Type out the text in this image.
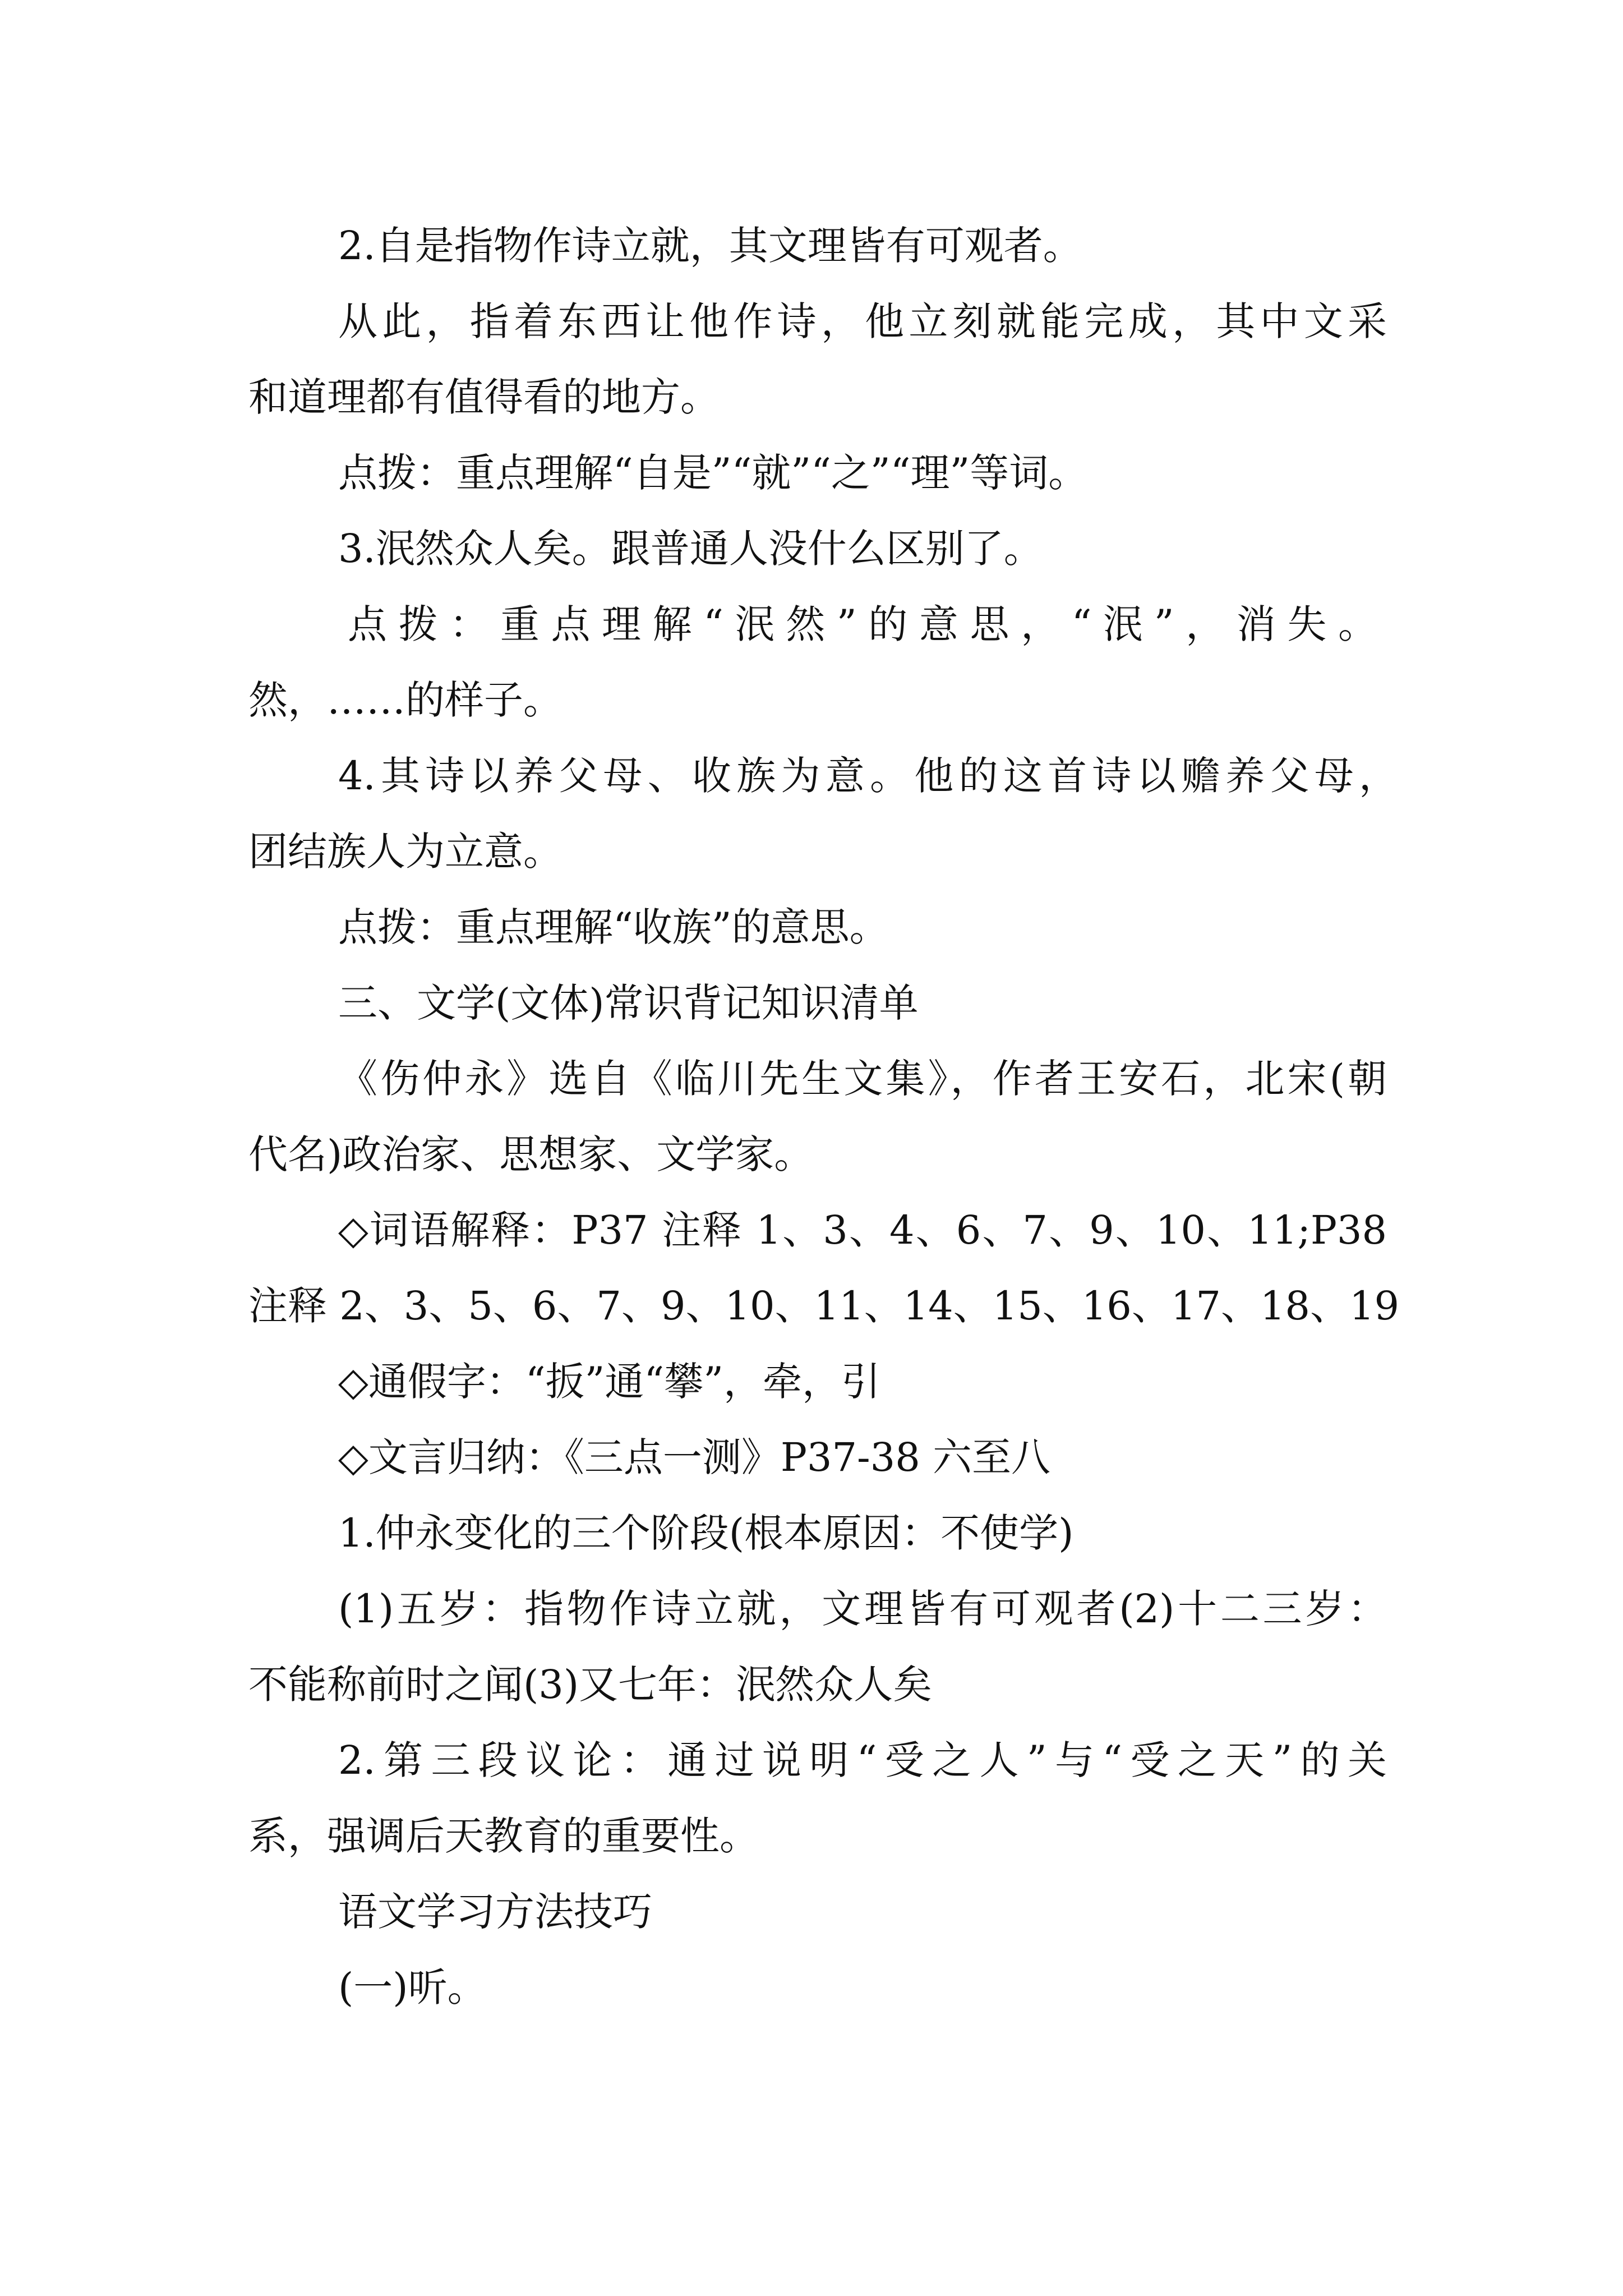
2.自是指物作诗立就，其文理皆有可观者。
从此，指着东西让他作诗，他立刻就能完成，其中文采
和道理都有值得看的地方。
点拨：重点理解“自是”“就”“之”“理”等词。
3.泯然众人矣。跟普通人没什么区别了。
点拨：重点理解“泯然”的意思，“泯”，消失。
然，……的样子。
4.其诗以养父母、收族为意。他的这首诗以赡养父母，
团结族人为立意。
点拨：重点理解“收族”的意思。
三、文学(文体)常识背记知识清单
《伤仲永》选自《临川先生文集》，作者王安石，北宋(朝
代名)政治家、思想家、文学家。
◇词语解释：P37 注释 1、3、4、6、7、9、10、11;P38
注释 2、3、5、6、7、9、10、11、14、15、16、17、18、19
◇通假字：“扳”通“攀”，牵，引
◇文言归纳：《三点一测》P37-38 六至八
1.仲永变化的三个阶段(根本原因：不使学)
(1)五岁：指物作诗立就，文理皆有可观者(2)十二三岁：
不能称前时之闻(3)又七年：泯然众人矣
2.第三段议论：通过说明“受之人”与“受之天”的关
系，强调后天教育的重要性。
语文学习方法技巧
(一)听。
